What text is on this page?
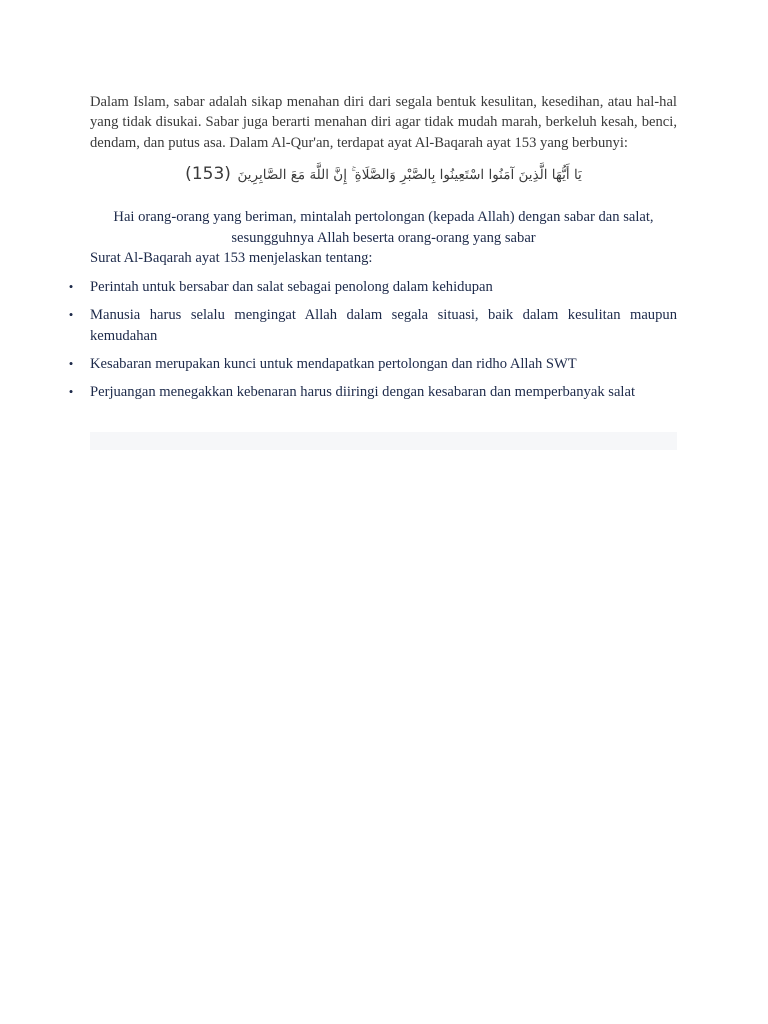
Dalam Islam, sabar adalah sikap menahan diri dari segala bentuk kesulitan, kesedihan, atau hal-hal yang tidak disukai. Sabar juga berarti menahan diri agar tidak mudah marah, berkeluh kesah, benci, dendam, dan putus asa. Dalam Al-Qur'an, terdapat ayat Al-Baqarah ayat 153 yang berbunyi:

يَا أَيُّهَا الَّذِينَ آمَنُوا اسْتَعِينُوا بِالصَّبْرِ وَالصَّلَاةِ ۚ إِنَّ اللَّهَ مَعَ الصَّابِرِينَ (153)

Hai orang-orang yang beriman, mintalah pertolongan (kepada Allah) dengan sabar dan salat,
sesungguhnya Allah beserta orang-orang yang sabar

Surat Al-Baqarah ayat 153 menjelaskan tentang:

• Perintah untuk bersabar dan salat sebagai penolong dalam kehidupan
• Manusia harus selalu mengingat Allah dalam segala situasi, baik dalam kesulitan maupun kemudahan
• Kesabaran merupakan kunci untuk mendapatkan pertolongan dan ridho Allah SWT
• Perjuangan menegakkan kebenaran harus diiringi dengan kesabaran dan memperbanyak salat
